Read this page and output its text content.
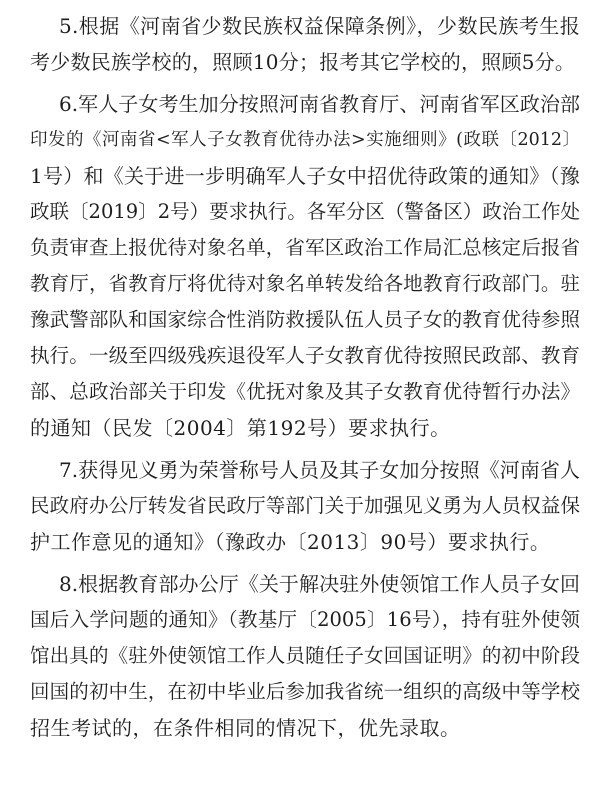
5.根据《河南省少数民族权益保障条例》，少数民族考生报
考少数民族学校的，照顾10分；报考其它学校的，照顾5分。
6.军人子女考生加分按照河南省教育厅、河南省军区政治部
印发的《河南省<军人子女教育优待办法>实施细则》(政联〔2012〕
1号）和《关于进一步明确军人子女中招优待政策的通知》（豫
政联〔2019〕2号）要求执行。各军分区（警备区）政治工作处
负责审查上报优待对象名单，省军区政治工作局汇总核定后报省
教育厅，省教育厅将优待对象名单转发给各地教育行政部门。驻
豫武警部队和国家综合性消防救援队伍人员子女的教育优待参照
执行。一级至四级残疾退役军人子女教育优待按照民政部、教育
部、总政治部关于印发《优抚对象及其子女教育优待暂行办法》
的通知（民发〔2004〕第192号）要求执行。
7.获得见义勇为荣誉称号人员及其子女加分按照《河南省人
民政府办公厅转发省民政厅等部门关于加强见义勇为人员权益保
护工作意见的通知》（豫政办〔2013〕90号）要求执行。
8.根据教育部办公厅《关于解决驻外使领馆工作人员子女回
国后入学问题的通知》（教基厅〔2005〕16号），持有驻外使领
馆出具的《驻外使领馆工作人员随任子女回国证明》的初中阶段
回国的初中生，在初中毕业后参加我省统一组织的高级中等学校
招生考试的，在条件相同的情况下，优先录取。
